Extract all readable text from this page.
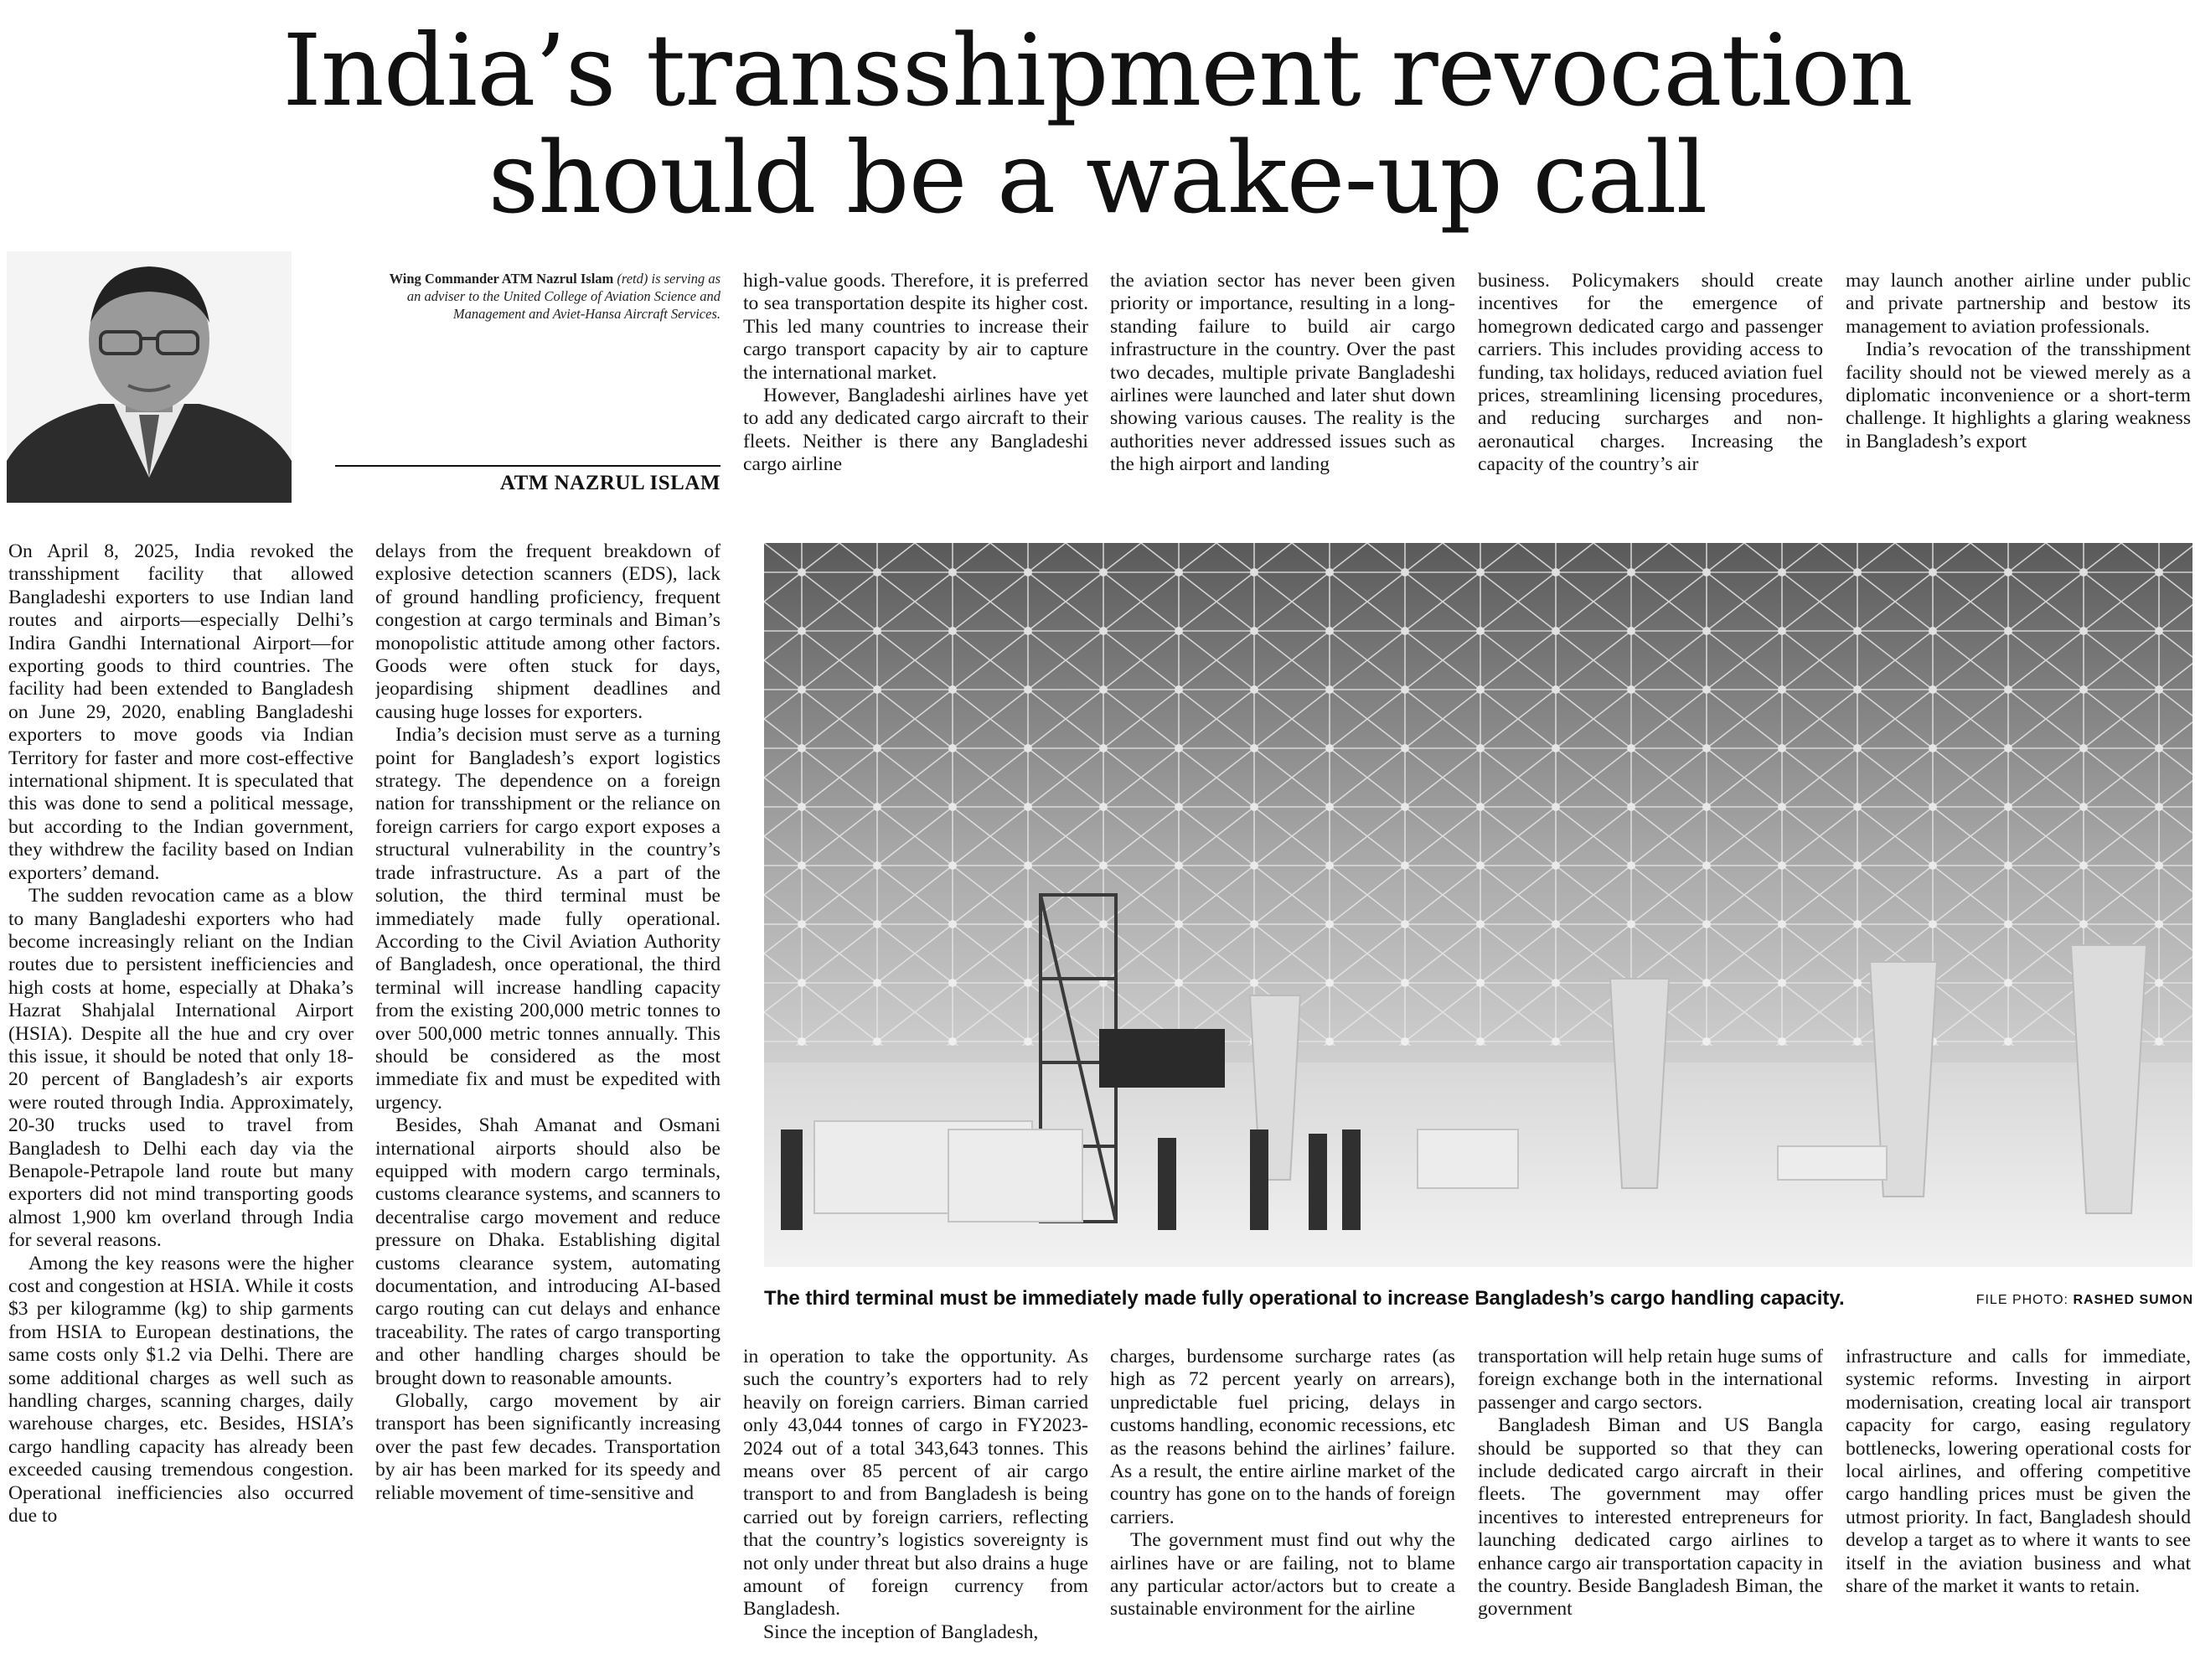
India’s transshipment revocation
should be a wake-up call

Wing Commander ATM Nazrul Islam (retd) is serving as an adviser to the United College of Aviation Science and Management and Aviet-Hansa Aircraft Services.

ATM NAZRUL ISLAM

high-value goods. Therefore, it is preferred to sea transportation despite its higher cost. This led many countries to increase their cargo transport capacity by air to capture the international market.

However, Bangladeshi airlines have yet to add any dedicated cargo aircraft to their fleets. Neither is there any Bangladeshi cargo airline

the aviation sector has never been given priority or importance, resulting in a long-standing failure to build air cargo infrastructure in the country. Over the past two decades, multiple private Bangladeshi airlines were launched and later shut down showing various causes. The reality is the authorities never addressed issues such as the high airport and landing

business. Policymakers should create incentives for the emergence of homegrown dedicated cargo and passenger carriers. This includes providing access to funding, tax holidays, reduced aviation fuel prices, streamlining licensing procedures, and reducing surcharges and non-aeronautical charges. Increasing the capacity of the country’s air

may launch another airline under public and private partnership and bestow its management to aviation professionals.

India’s revocation of the transshipment facility should not be viewed merely as a diplomatic inconvenience or a short-term challenge. It highlights a glaring weakness in Bangladesh’s export

On April 8, 2025, India revoked the transshipment facility that allowed Bangladeshi exporters to use Indian land routes and airports—especially Delhi’s Indira Gandhi International Airport—for exporting goods to third countries. The facility had been extended to Bangladesh on June 29, 2020, enabling Bangladeshi exporters to move goods via Indian Territory for faster and more cost-effective international shipment. It is speculated that this was done to send a political message, but according to the Indian government, they withdrew the facility based on Indian exporters’ demand.

The sudden revocation came as a blow to many Bangladeshi exporters who had become increasingly reliant on the Indian routes due to persistent inefficiencies and high costs at home, especially at Dhaka’s Hazrat Shahjalal International Airport (HSIA). Despite all the hue and cry over this issue, it should be noted that only 18-20 percent of Bangladesh’s air exports were routed through India. Approximately, 20-30 trucks used to travel from Bangladesh to Delhi each day via the Benapole-Petrapole land route but many exporters did not mind transporting goods almost 1,900 km overland through India for several reasons.

Among the key reasons were the higher cost and congestion at HSIA. While it costs $3 per kilogramme (kg) to ship garments from HSIA to European destinations, the same costs only $1.2 via Delhi. There are some additional charges as well such as handling charges, scanning charges, daily warehouse charges, etc. Besides, HSIA’s cargo handling capacity has already been exceeded causing tremendous congestion. Operational inefficiencies also occurred due to

delays from the frequent breakdown of explosive detection scanners (EDS), lack of ground handling proficiency, frequent congestion at cargo terminals and Biman’s monopolistic attitude among other factors. Goods were often stuck for days, jeopardising shipment deadlines and causing huge losses for exporters.

India’s decision must serve as a turning point for Bangladesh’s export logistics strategy. The dependence on a foreign nation for transshipment or the reliance on foreign carriers for cargo export exposes a structural vulnerability in the country’s trade infrastructure. As a part of the solution, the third terminal must be immediately made fully operational. According to the Civil Aviation Authority of Bangladesh, once operational, the third terminal will increase handling capacity from the existing 200,000 metric tonnes to over 500,000 metric tonnes annually. This should be considered as the most immediate fix and must be expedited with urgency.

Besides, Shah Amanat and Osmani international airports should also be equipped with modern cargo terminals, customs clearance systems, and scanners to decentralise cargo movement and reduce pressure on Dhaka. Establishing digital customs clearance system, automating documentation, and introducing AI-based cargo routing can cut delays and enhance traceability. The rates of cargo transporting and other handling charges should be brought down to reasonable amounts.

Globally, cargo movement by air transport has been significantly increasing over the past few decades. Transportation by air has been marked for its speedy and reliable movement of time-sensitive and

The third terminal must be immediately made fully operational to increase Bangladesh’s cargo handling capacity.	FILE PHOTO: RASHED SUMON

in operation to take the opportunity. As such the country’s exporters had to rely heavily on foreign carriers. Biman carried only 43,044 tonnes of cargo in FY2023-2024 out of a total 343,643 tonnes. This means over 85 percent of air cargo transport to and from Bangladesh is being carried out by foreign carriers, reflecting that the country’s logistics sovereignty is not only under threat but also drains a huge amount of foreign currency from Bangladesh.

Since the inception of Bangladesh,

charges, burdensome surcharge rates (as high as 72 percent yearly on arrears), unpredictable fuel pricing, delays in customs handling, economic recessions, etc as the reasons behind the airlines’ failure. As a result, the entire airline market of the country has gone on to the hands of foreign carriers.

The government must find out why the airlines have or are failing, not to blame any particular actor/actors but to create a sustainable environment for the airline

transportation will help retain huge sums of foreign exchange both in the international passenger and cargo sectors.

Bangladesh Biman and US Bangla should be supported so that they can include dedicated cargo aircraft in their fleets. The government may offer incentives to interested entrepreneurs for launching dedicated cargo airlines to enhance cargo air transportation capacity in the country. Beside Bangladesh Biman, the government

infrastructure and calls for immediate, systemic reforms. Investing in airport modernisation, creating local air transport capacity for cargo, easing regulatory bottlenecks, lowering operational costs for local airlines, and offering competitive cargo handling prices must be given the utmost priority. In fact, Bangladesh should develop a target as to where it wants to see itself in the aviation business and what share of the market it wants to retain.
